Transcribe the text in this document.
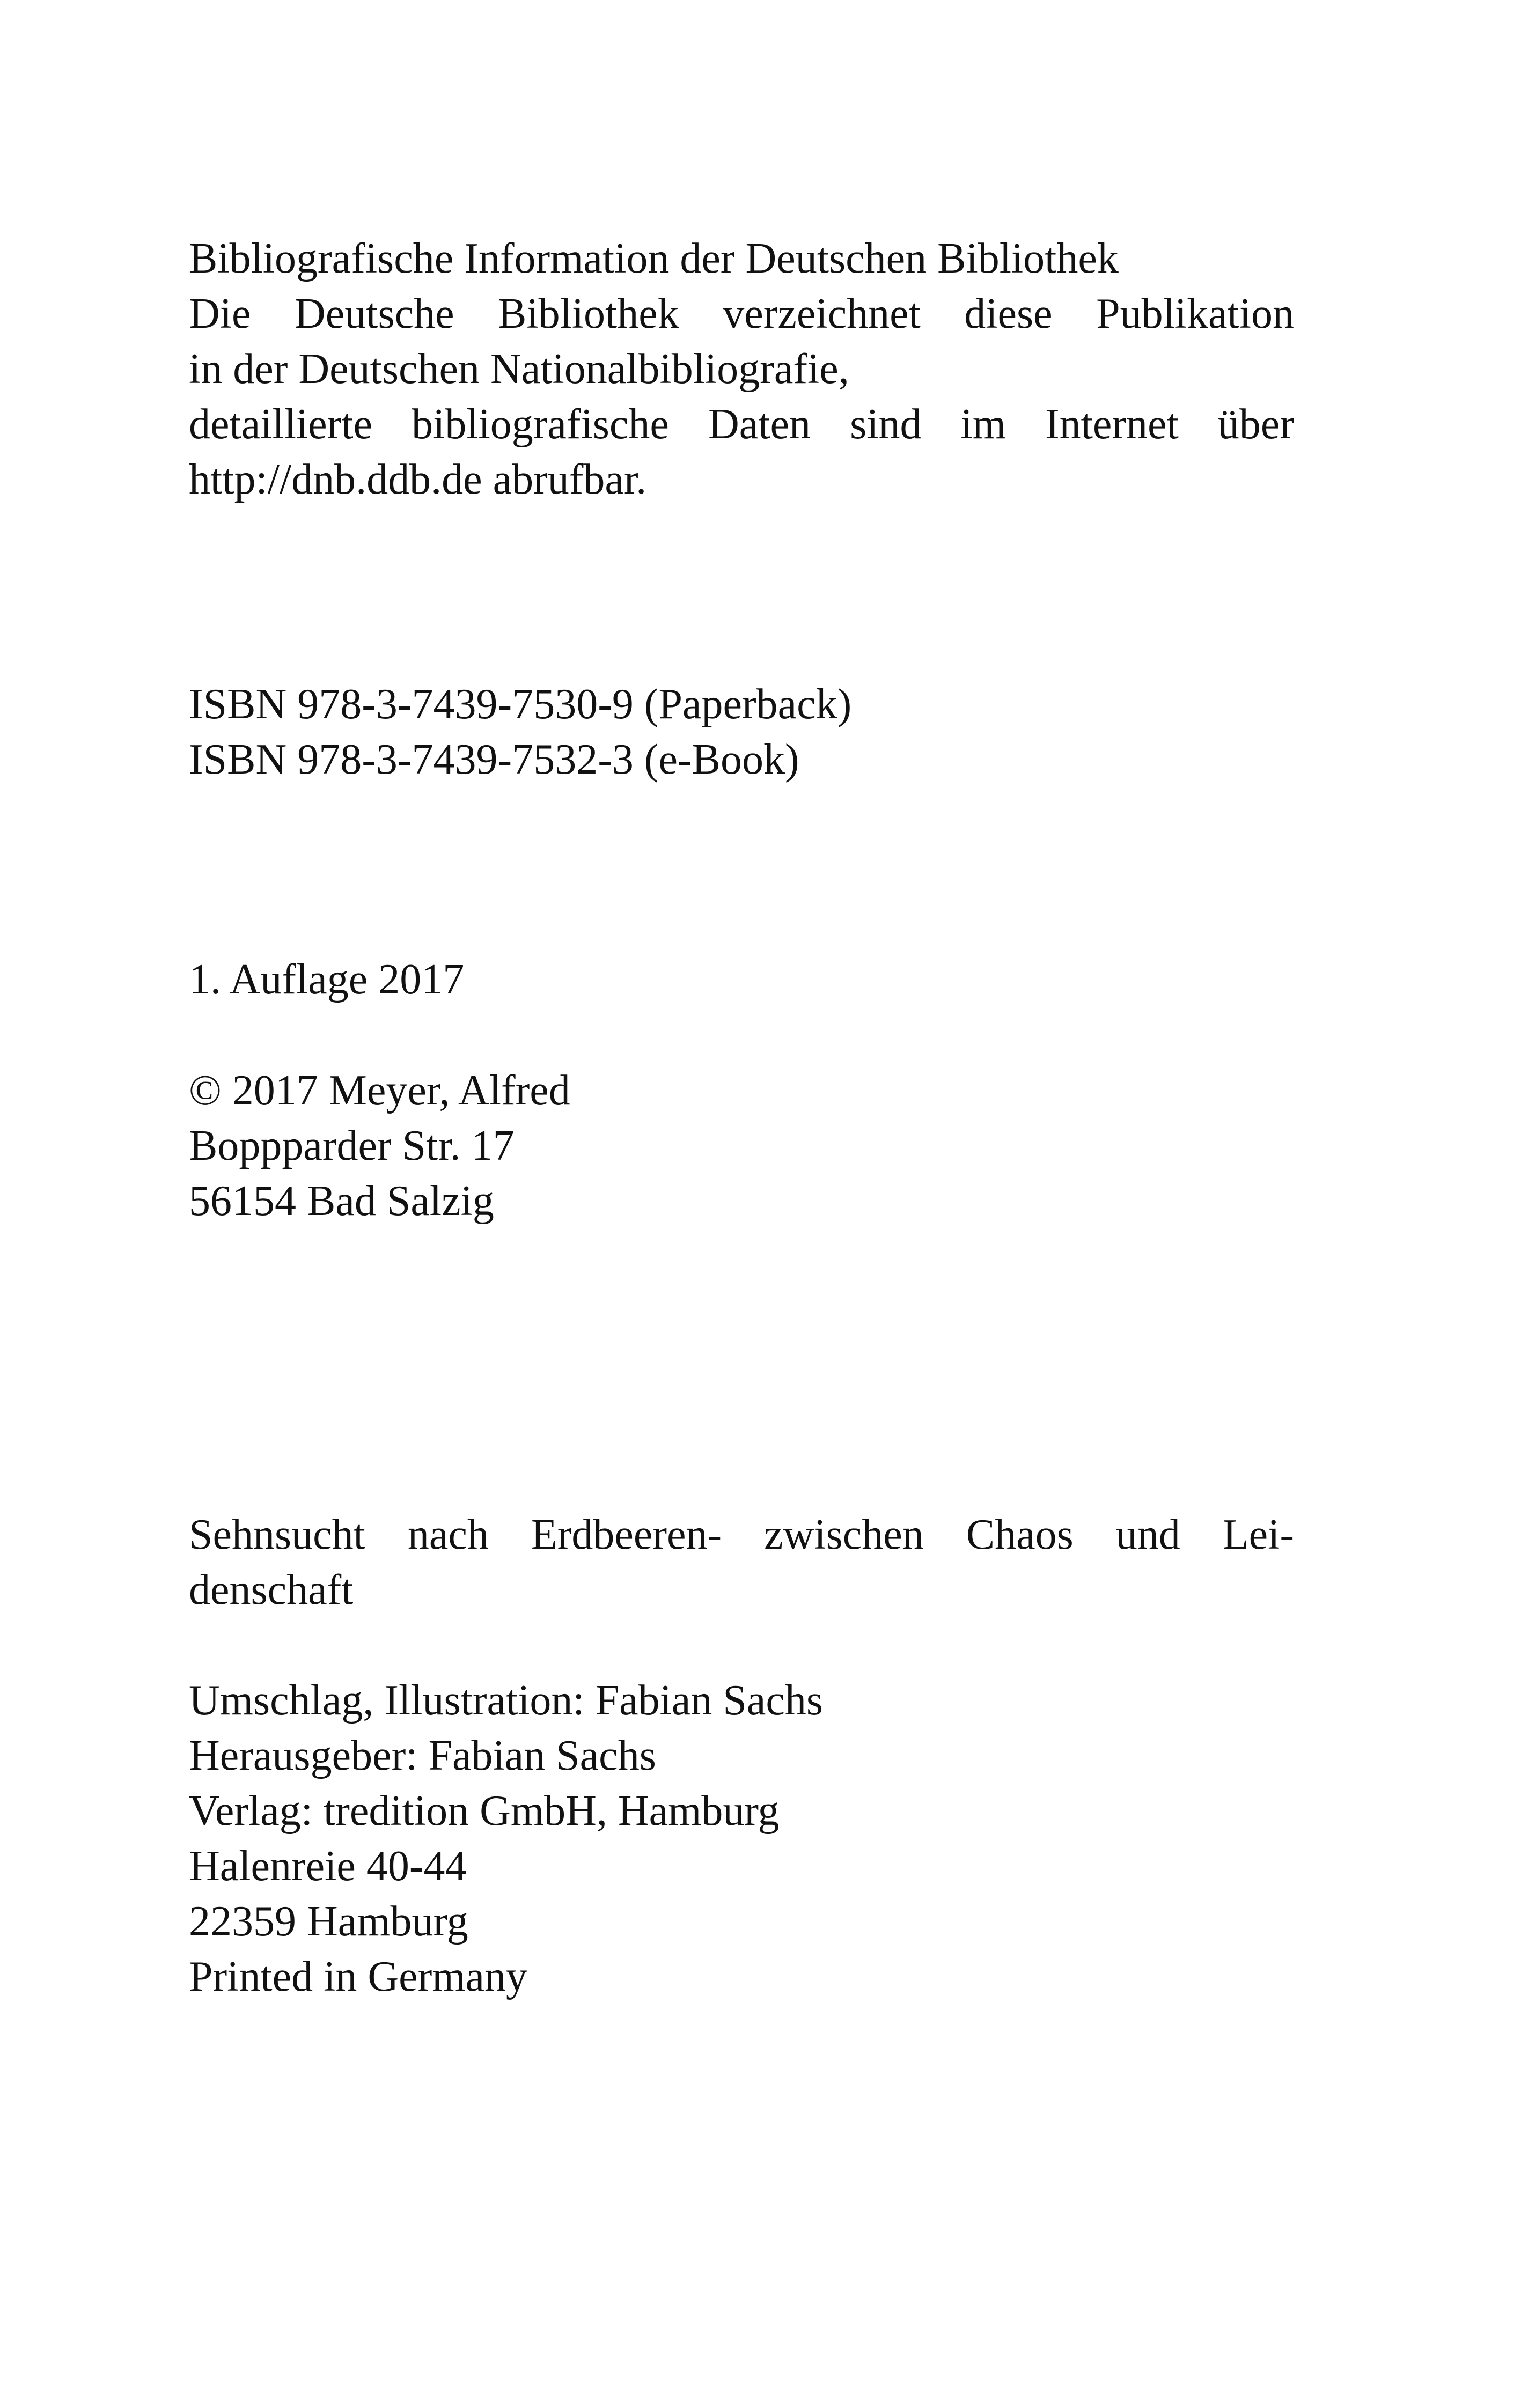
Bibliografische Information der Deutschen Bibliothek
Die Deutsche Bibliothek verzeichnet diese Publikation
in der Deutschen Nationalbibliografie,
detaillierte bibliografische Daten sind im Internet über
http://dnb.ddb.de abrufbar.
ISBN 978-3-7439-7530-9 (Paperback)
ISBN 978-3-7439-7532-3 (e-Book)
1. Auflage 2017
© 2017 Meyer, Alfred
Boppparder Str. 17
56154 Bad Salzig
Sehnsucht nach Erdbeeren- zwischen Chaos und Lei-
denschaft
Umschlag, Illustration: Fabian Sachs
Herausgeber: Fabian Sachs
Verlag: tredition GmbH, Hamburg
Halenreie 40-44
22359 Hamburg
Printed in Germany
